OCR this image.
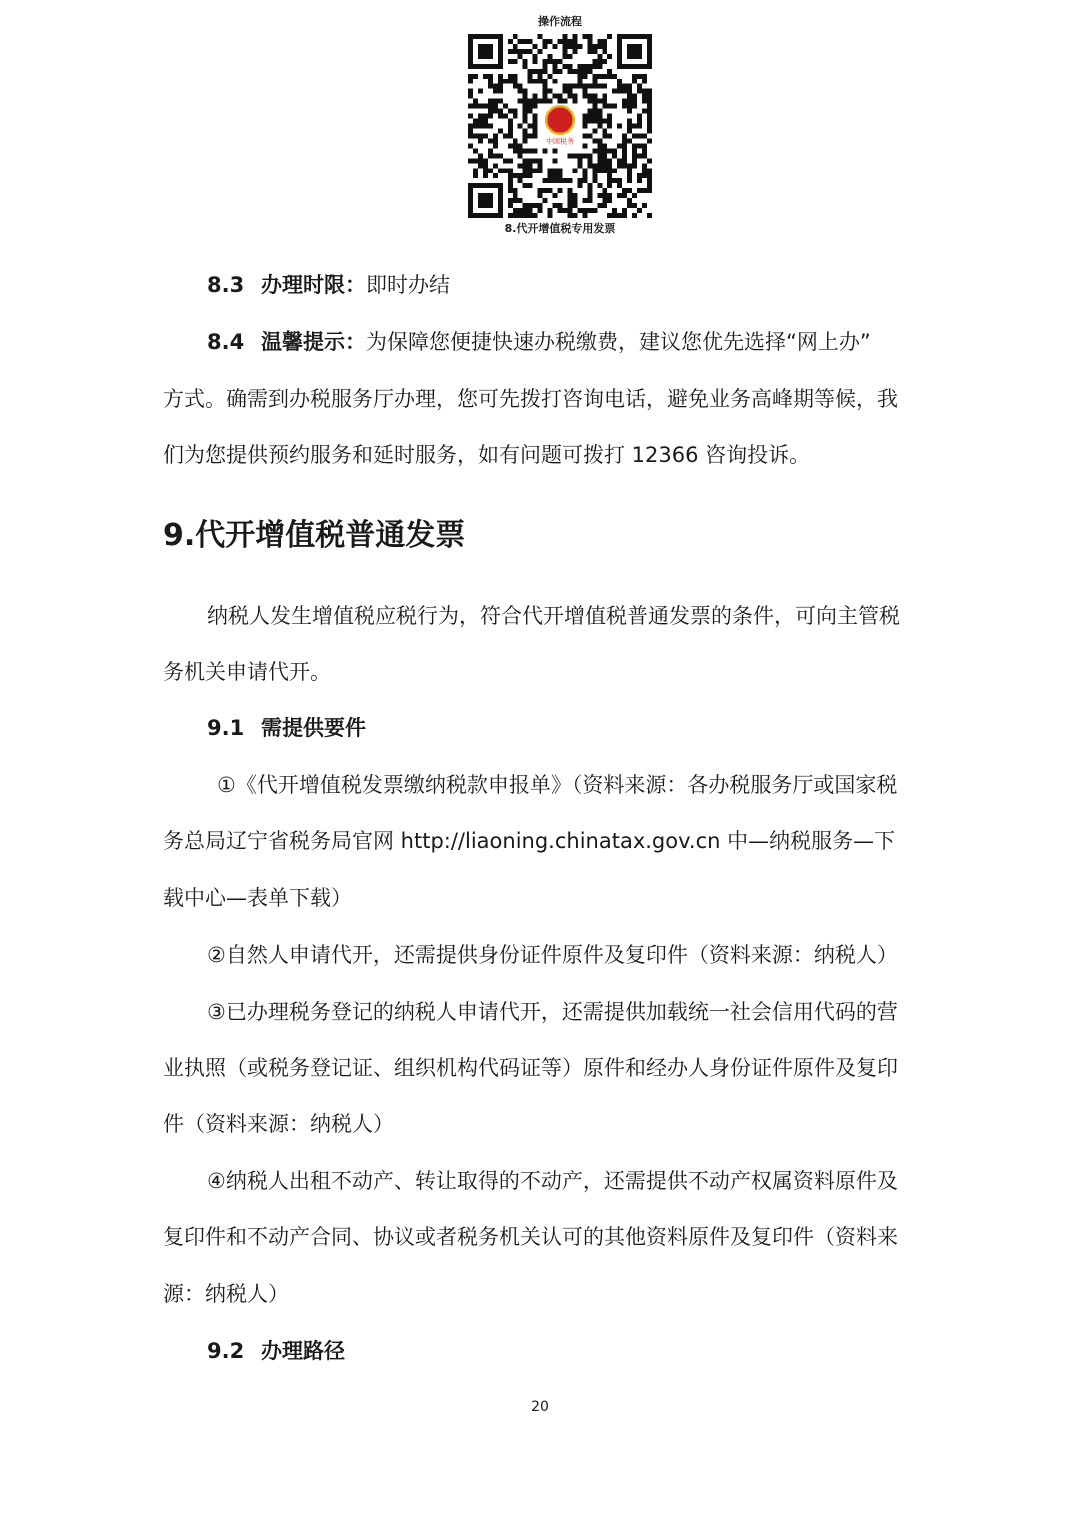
操作流程
中国税务
8.代开增值税专用发票
8.3 办理时限：即时办结
8.4 温馨提示：为保障您便捷快速办税缴费，建议您优先选择“网上办”
方式。确需到办税服务厅办理，您可先拨打咨询电话，避免业务高峰期等候，我
们为您提供预约服务和延时服务，如有问题可拨打 12366 咨询投诉。
9.代开增值税普通发票
纳税人发生增值税应税行为，符合代开增值税普通发票的条件，可向主管税
务机关申请代开。
9.1 需提供要件
①《代开增值税发票缴纳税款申报单》（资料来源：各办税服务厅或国家税
务总局辽宁省税务局官网 http://liaoning.chinatax.gov.cn 中—纳税服务—下
载中心—表单下载）
②自然人申请代开，还需提供身份证件原件及复印件（资料来源：纳税人）
③已办理税务登记的纳税人申请代开，还需提供加载统一社会信用代码的营
业执照（或税务登记证、组织机构代码证等）原件和经办人身份证件原件及复印
件（资料来源：纳税人）
④纳税人出租不动产、转让取得的不动产，还需提供不动产权属资料原件及
复印件和不动产合同、协议或者税务机关认可的其他资料原件及复印件（资料来
源：纳税人）
9.2 办理路径
20
